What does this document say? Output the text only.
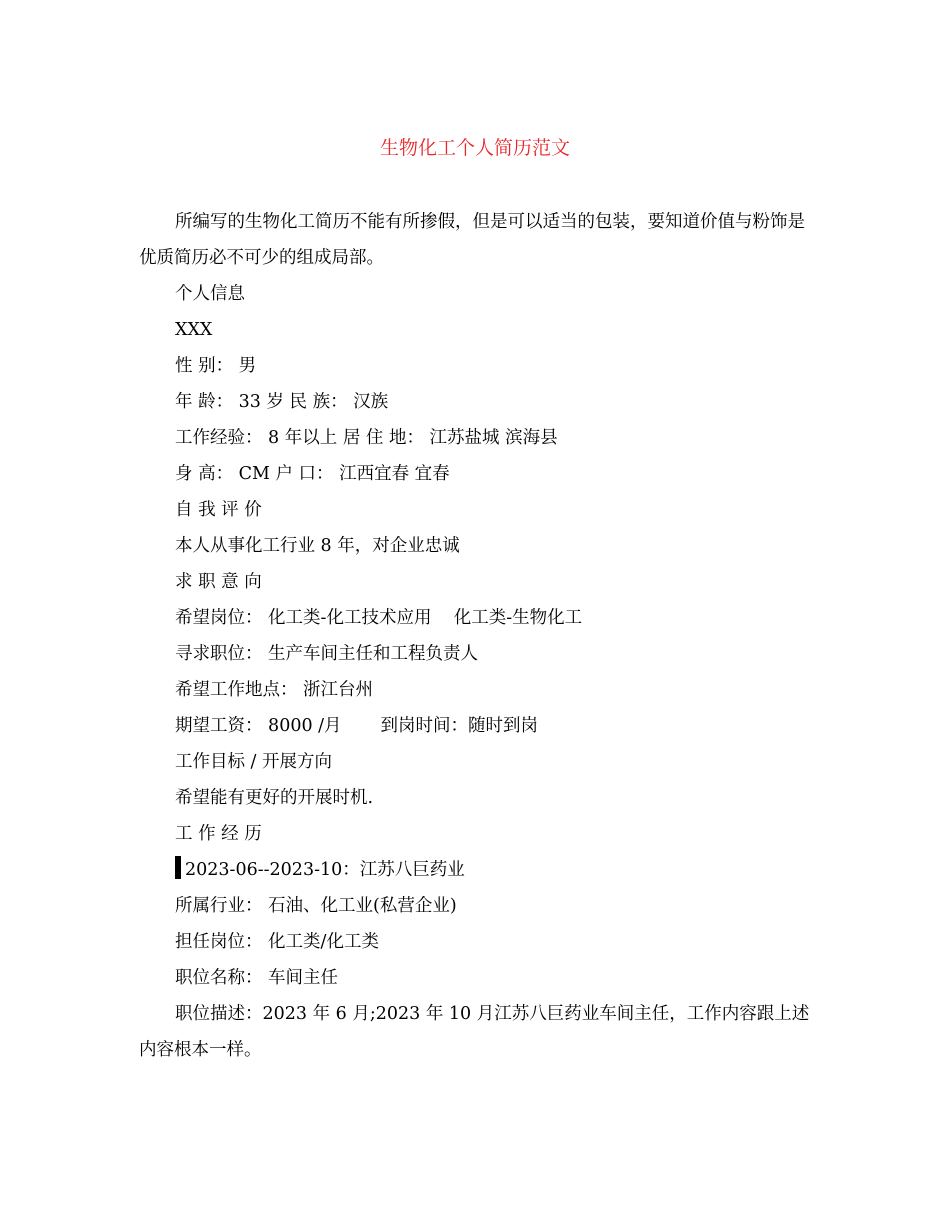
生物化工个人简历范文

所编写的生物化工简历不能有所掺假，但是可以适当的包装，要知道价值与粉饰是优质简历必不可少的组成局部。

个人信息

XXX

性 别： 男

年 龄： 33 岁 民 族： 汉族

工作经验： 8 年以上 居 住 地： 江苏盐城 滨海县

身 高： CM 户 口： 江西宜春 宜春

自 我 评 价

本人从事化工行业 8 年，对企业忠诚

求 职 意 向

希望岗位： 化工类-化工技术应用    化工类-生物化工

寻求职位： 生产车间主任和工程负责人

希望工作地点： 浙江台州

期望工资： 8000 /月       到岗时间：随时到岗

工作目标 / 开展方向

希望能有更好的开展时机.

工 作 经 历

2023-06--2023-10：江苏八巨药业

所属行业： 石油、化工业(私营企业)

担任岗位： 化工类/化工类

职位名称： 车间主任

职位描述：2023 年 6 月;2023 年 10 月江苏八巨药业车间主任，工作内容跟上述内容根本一样。
